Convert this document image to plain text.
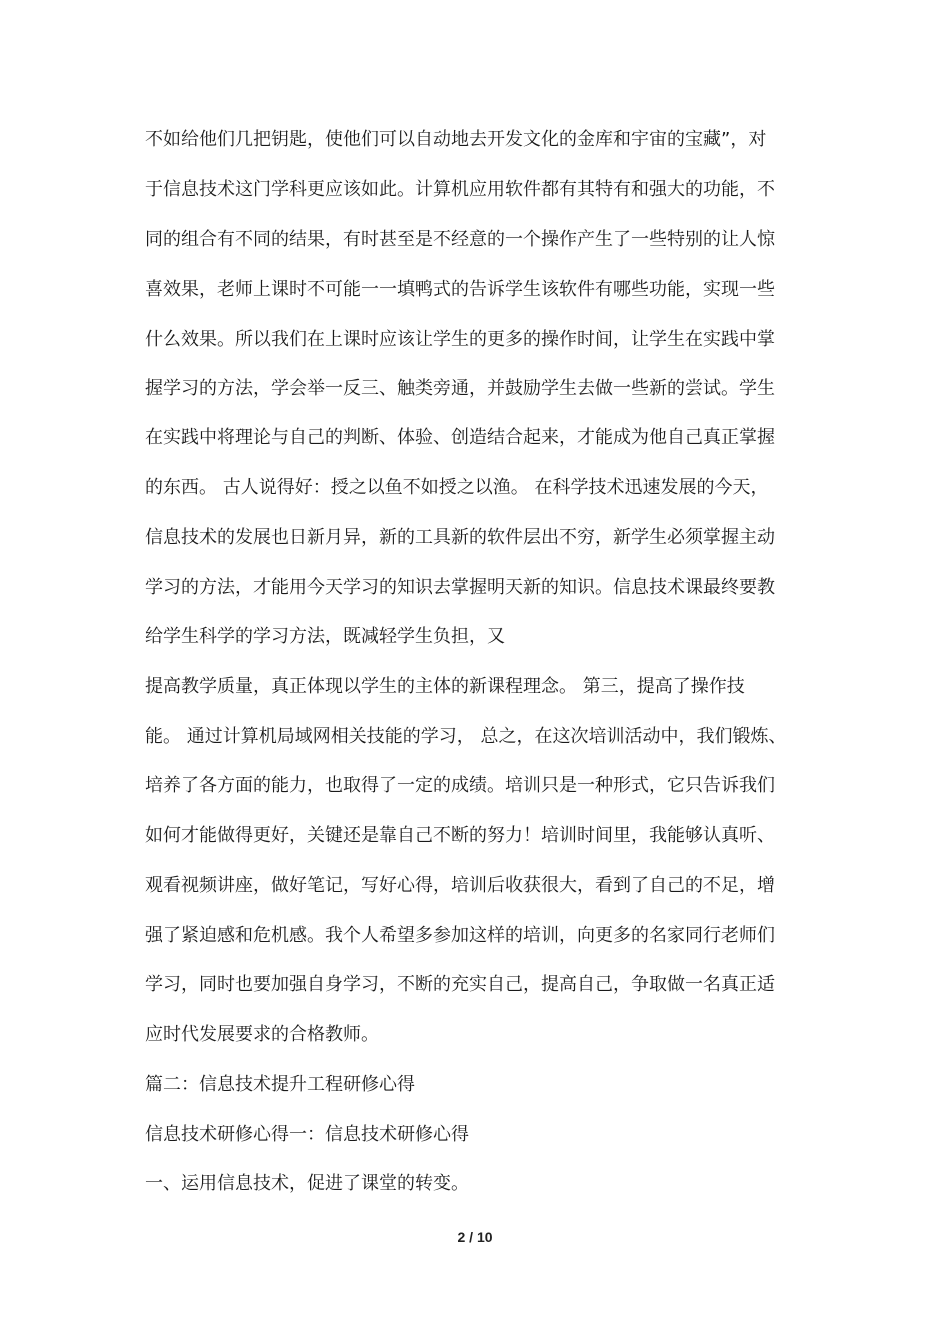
不如给他们几把钥匙，使他们可以自动地去开发文化的金库和宇宙的宝藏”，对
于信息技术这门学科更应该如此。计算机应用软件都有其特有和强大的功能，不
同的组合有不同的结果，有时甚至是不经意的一个操作产生了一些特别的让人惊
喜效果，老师上课时不可能一一填鸭式的告诉学生该软件有哪些功能，实现一些
什么效果。所以我们在上课时应该让学生的更多的操作时间，让学生在实践中掌
握学习的方法，学会举一反三、触类旁通，并鼓励学生去做一些新的尝试。学生
在实践中将理论与自己的判断、体验、创造结合起来，才能成为他自己真正掌握
的东西。 古人说得好：授之以鱼不如授之以渔。 在科学技术迅速发展的今天，
信息技术的发展也日新月异，新的工具新的软件层出不穷，新学生必须掌握主动
学习的方法，才能用今天学习的知识去掌握明天新的知识。信息技术课最终要教
给学生科学的学习方法，既减轻学生负担，又
提高教学质量，真正体现以学生的主体的新课程理念。 第三，提高了操作技
能。 通过计算机局域网相关技能的学习， 总之，在这次培训活动中，我们锻炼、
培养了各方面的能力，也取得了一定的成绩。培训只是一种形式，它只告诉我们
如何才能做得更好，关键还是靠自己不断的努力！培训时间里，我能够认真听、
观看视频讲座，做好笔记，写好心得，培训后收获很大，看到了自己的不足，增
强了紧迫感和危机感。我个人希望多参加这样的培训，向更多的名家同行老师们
学习，同时也要加强自身学习，不断的充实自己，提高自己，争取做一名真正适
应时代发展要求的合格教师。
篇二：信息技术提升工程研修心得
信息技术研修心得一：信息技术研修心得
一、运用信息技术，促进了课堂的转变。
2 / 10
